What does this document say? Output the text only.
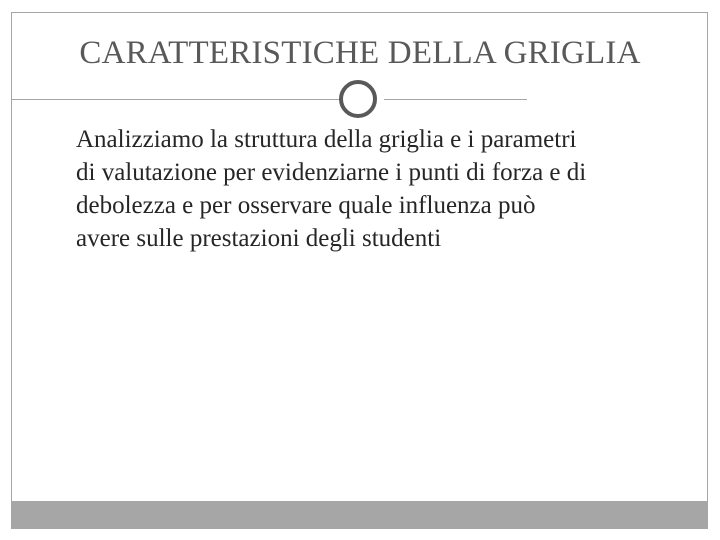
CARATTERISTICHE DELLA GRIGLIA

Analizziamo la struttura della griglia e i parametri
di valutazione per evidenziarne i punti di forza e di
debolezza e per osservare quale influenza può
avere sulle prestazioni degli studenti
